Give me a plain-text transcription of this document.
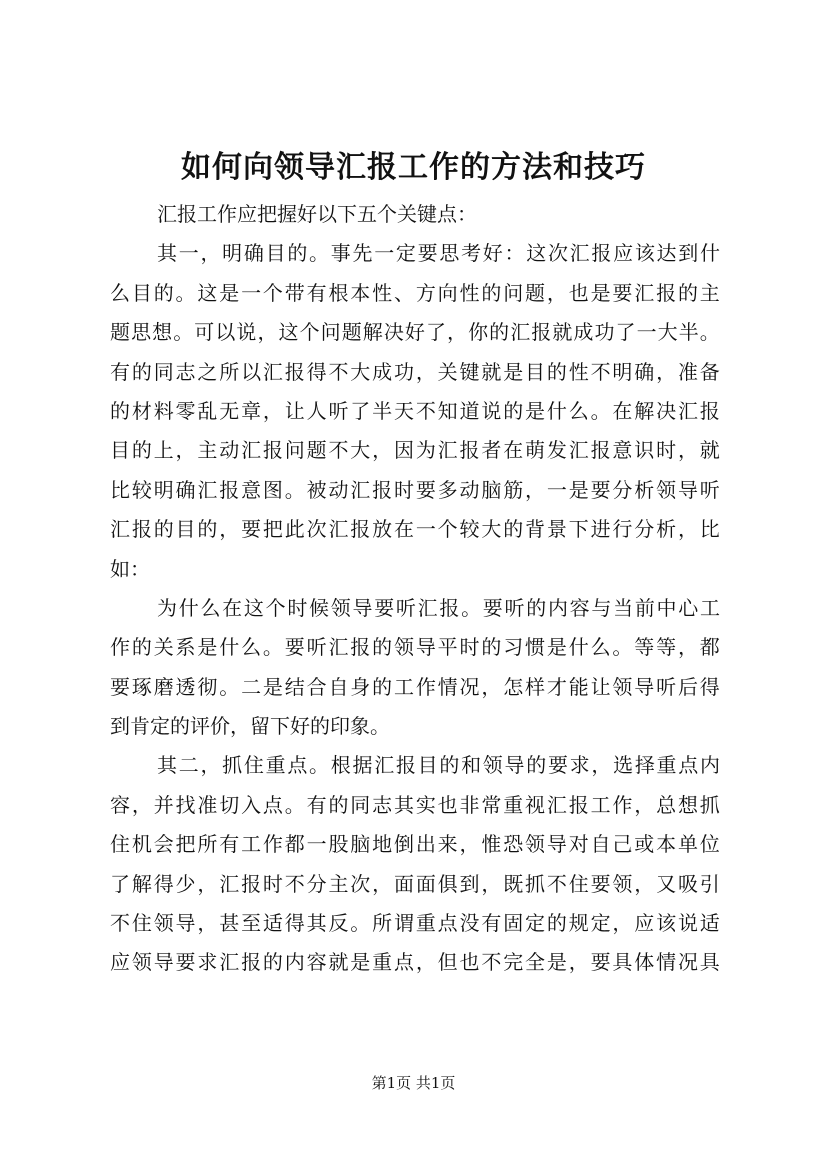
如何向领导汇报工作的方法和技巧
汇 报 工 作 应 把 握 好 以 下 五 个 关 键 点 ：
其 一 ， 明 确 目 的 。 事 先 一 定 要 思 考 好 ： 这 次 汇 报 应 该 达 到 什
么 目 的 。 这 是 一 个 带 有 根 本 性 、 方 向 性 的 问 题 ， 也 是 要 汇 报 的 主
题 思 想 。 可 以 说 ， 这 个 问 题 解 决 好 了 ， 你 的 汇 报 就 成 功 了 一 大 半 。
有 的 同 志 之 所 以 汇 报 得 不 大 成 功 ， 关 键 就 是 目 的 性 不 明 确 ， 准 备
的 材 料 零 乱 无 章 ， 让 人 听 了 半 天 不 知 道 说 的 是 什 么 。 在 解 决 汇 报
目 的 上 ， 主 动 汇 报 问 题 不 大 ， 因 为 汇 报 者 在 萌 发 汇 报 意 识 时 ， 就
比 较 明 确 汇 报 意 图 。 被 动 汇 报 时 要 多 动 脑 筋 ， 一 是 要 分 析 领 导 听
汇 报 的 目 的 ， 要 把 此 次 汇 报 放 在 一 个 较 大 的 背 景 下 进 行 分 析 ， 比
如 ：
为 什 么 在 这 个 时 候 领 导 要 听 汇 报 。 要 听 的 内 容 与 当 前 中 心 工
作 的 关 系 是 什 么 。 要 听 汇 报 的 领 导 平 时 的 习 惯 是 什 么 。 等 等 ， 都
要 琢 磨 透 彻 。 二 是 结 合 自 身 的 工 作 情 况 ， 怎 样 才 能 让 领 导 听 后 得
到 肯 定 的 评 价 ， 留 下 好 的 印 象 。
其 二 ， 抓 住 重 点 。 根 据 汇 报 目 的 和 领 导 的 要 求 ， 选 择 重 点 内
容 ， 并 找 准 切 入 点 。 有 的 同 志 其 实 也 非 常 重 视 汇 报 工 作 ， 总 想 抓
住 机 会 把 所 有 工 作 都 一 股 脑 地 倒 出 来 ， 惟 恐 领 导 对 自 己 或 本 单 位
了 解 得 少 ， 汇 报 时 不 分 主 次 ， 面 面 俱 到 ， 既 抓 不 住 要 领 ， 又 吸 引
不 住 领 导 ， 甚 至 适 得 其 反 。 所 谓 重 点 没 有 固 定 的 规 定 ， 应 该 说 适
应 领 导 要 求 汇 报 的 内 容 就 是 重 点 ， 但 也 不 完 全 是 ， 要 具 体 情 况 具
第1页 共1页
